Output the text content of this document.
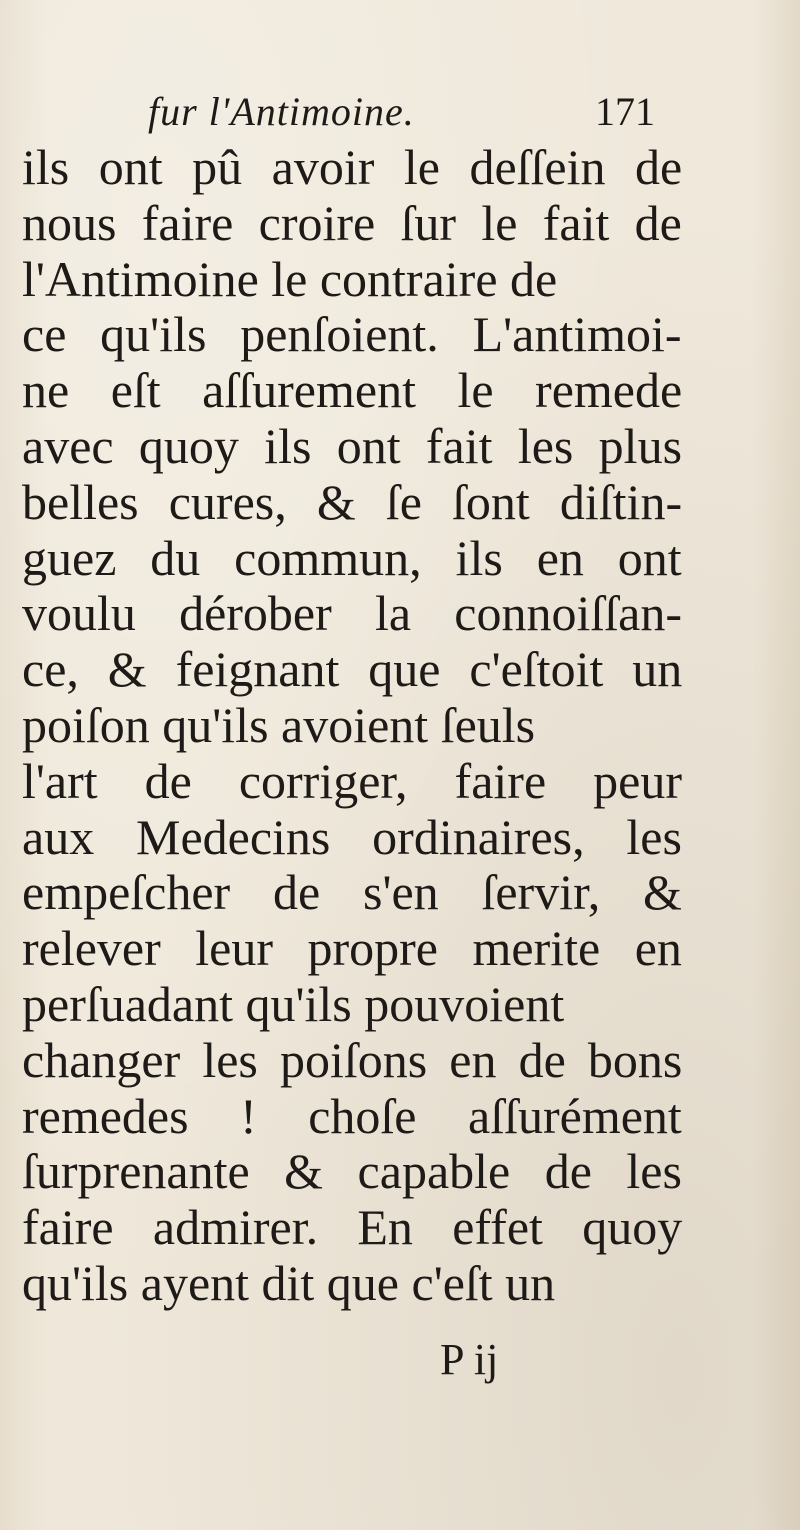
fur l'Antimoine.	171
ils ont pû avoir le deſſein de
nous faire croire ſur le fait de
l'Antimoine le contraire de
ce qu'ils penſoient. L'antimoi-
ne eſt aſſurement le remede
avec quoy ils ont fait les plus
belles cures, & ſe ſont diſtin-
guez du commun, ils en ont
voulu dérober la connoiſſan-
ce, & feignant que c'eſtoit un
poiſon qu'ils avoient ſeuls
l'art de corriger, faire peur
aux Medecins ordinaires, les
empeſcher de s'en ſervir, &
relever leur propre merite en
perſuadant qu'ils pouvoient
changer les poiſons en de bons
remedes ! choſe aſſurément
ſurprenante & capable de les
faire admirer. En effet quoy
qu'ils ayent dit que c'eſt un
P ij
